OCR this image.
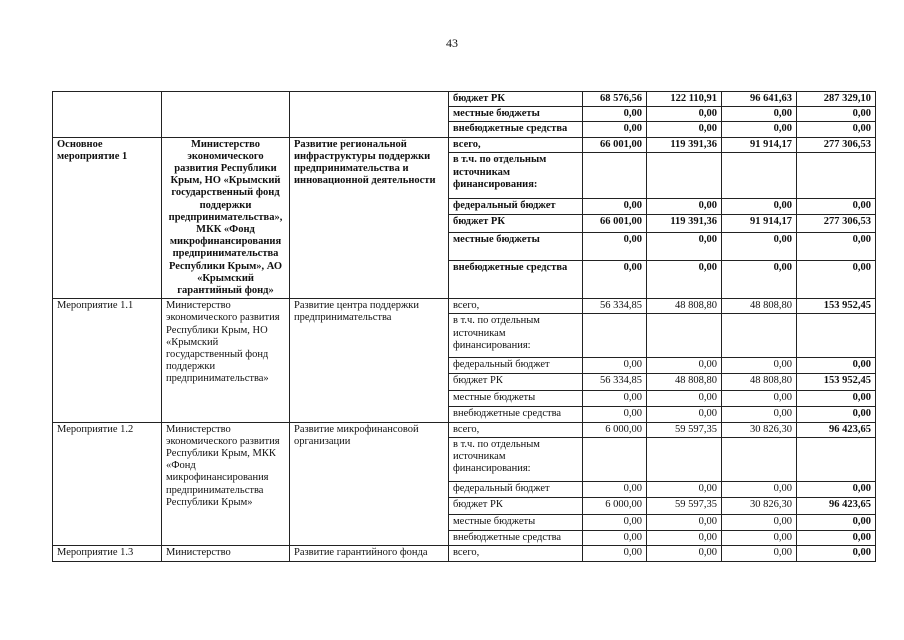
43
			бюджет РК	68 576,56	122 110,91	96 641,63	287 329,10
			местные бюджеты	0,00	0,00	0,00	0,00
			внебюджетные средства	0,00	0,00	0,00	0,00
Основное мероприятие 1	Министерство экономического развития Республики Крым, НО «Крымский государственный фонд поддержки предпринимательства», МКК «Фонд микрофинансирования предпринимательства Республики Крым», АО «Крымский гарантийный фонд»	Развитие региональной инфраструктуры поддержки предпринимательства и инновационной деятельности	всего,	66 001,00	119 391,36	91 914,17	277 306,53
			в т.ч. по отдельным источникам финансирования:				
			федеральный бюджет	0,00	0,00	0,00	0,00
			бюджет РК	66 001,00	119 391,36	91 914,17	277 306,53
			местные бюджеты	0,00	0,00	0,00	0,00
			внебюджетные средства	0,00	0,00	0,00	0,00
Мероприятие 1.1	Министерство экономического развития Республики Крым, НО «Крымский государственный фонд поддержки предпринимательства»	Развитие центра поддержки предпринимательства	всего,	56 334,85	48 808,80	48 808,80	153 952,45
			в т.ч. по отдельным источникам финансирования:				
			федеральный бюджет	0,00	0,00	0,00	0,00
			бюджет РК	56 334,85	48 808,80	48 808,80	153 952,45
			местные бюджеты	0,00	0,00	0,00	0,00
			внебюджетные средства	0,00	0,00	0,00	0,00
Мероприятие 1.2	Министерство экономического развития Республики Крым, МКК «Фонд микрофинансирования предпринимательства Республики Крым»	Развитие микрофинансовой организации	всего,	6 000,00	59 597,35	30 826,30	96 423,65
			в т.ч. по отдельным источникам финансирования:				
			федеральный бюджет	0,00	0,00	0,00	0,00
			бюджет РК	6 000,00	59 597,35	30 826,30	96 423,65
			местные бюджеты	0,00	0,00	0,00	0,00
			внебюджетные средства	0,00	0,00	0,00	0,00
Мероприятие 1.3	Министерство	Развитие гарантийного фонда	всего,	0,00	0,00	0,00	0,00
